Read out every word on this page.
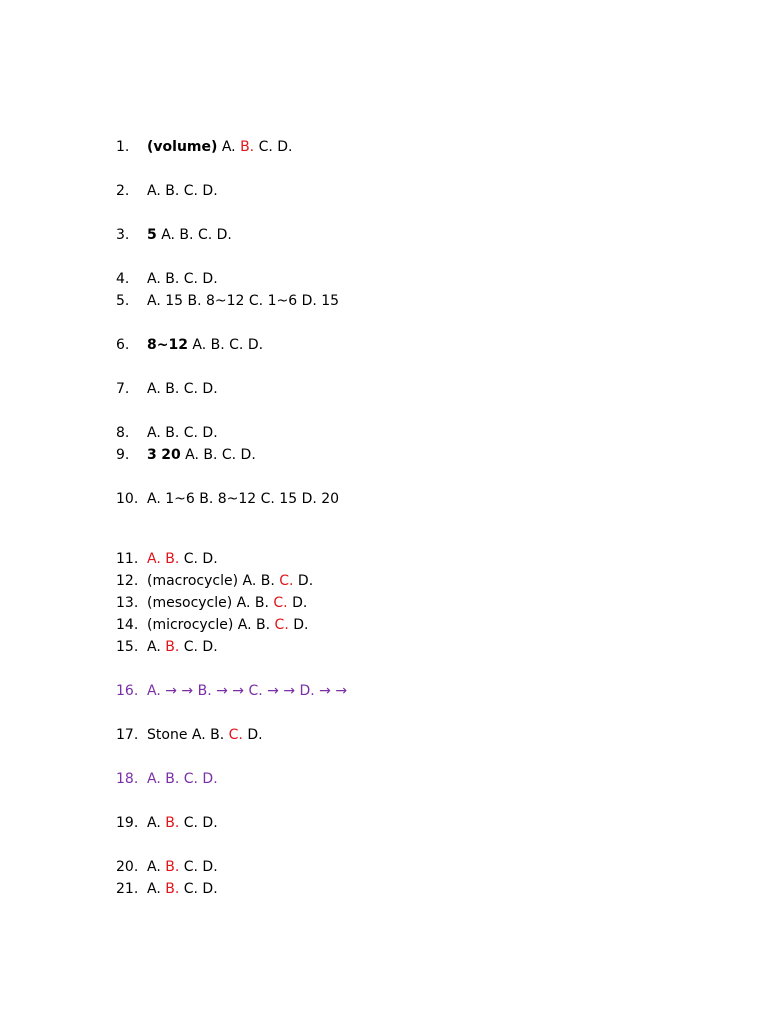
1.	(volume) A. B. C. D.
2.	A. B. C. D.
3.	5 A. B. C. D.
4.	A. B. C. D.
5.	A. 15 B. 8~12 C. 1~6 D. 15
6.	8~12 A. B. C. D.
7.	A. B. C. D.
8.	A. B. C. D.
9.	3 20 A. B. C. D.
10. A. 1~6 B. 8~12 C. 15 D. 20
11. A. B. C. D.
12. (macrocycle) A. B. C. D.
13. (mesocycle) A. B. C. D.
14. (microcycle) A. B. C. D.
15. A. B. C. D.
16. A. → → B. → → C. → → D. → →
17. Stone A. B. C. D.
18. A. B. C. D.
19. A. B. C. D.
20. A. B. C. D.
21. A. B. C. D.
